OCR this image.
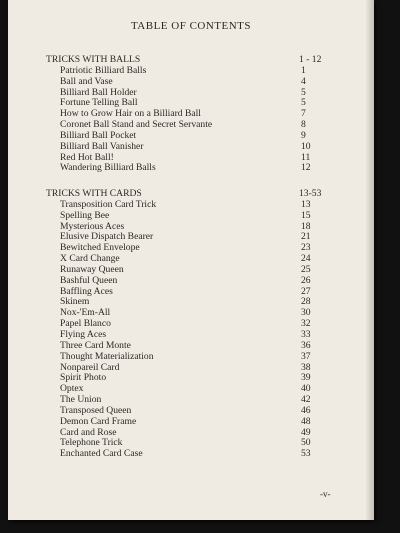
TABLE OF CONTENTS
TRICKS WITH BALLS	1 - 12
Patriotic Billiard Balls	1
Ball and Vase	4
Billiard Ball Holder	5
Fortune Telling Ball	5
How to Grow Hair on a Billiard Ball	7
Coronet Ball Stand and Secret Servante	8
Billiard Ball Pocket	9
Billiard Ball Vanisher	10
Red Hot Ball!	11
Wandering Billiard Balls	12
TRICKS WITH CARDS	13-53
Transposition Card Trick	13
Spelling Bee	15
Mysterious Aces	18
Elusive Dispatch Bearer	21
Bewitched Envelope	23
X Card Change	24
Runaway Queen	25
Bashful Queen	26
Baffling Aces	27
Skinem	28
Nox-'Em-All	30
Papel Blanco	32
Flying Aces	33
Three Card Monte	36
Thought Materialization	37
Nonpareil Card	38
Spirit Photo	39
Optex	40
The Union	42
Transposed Queen	46
Demon Card Frame	48
Card and Rose	49
Telephone Trick	50
Enchanted Card Case	53
-v-
